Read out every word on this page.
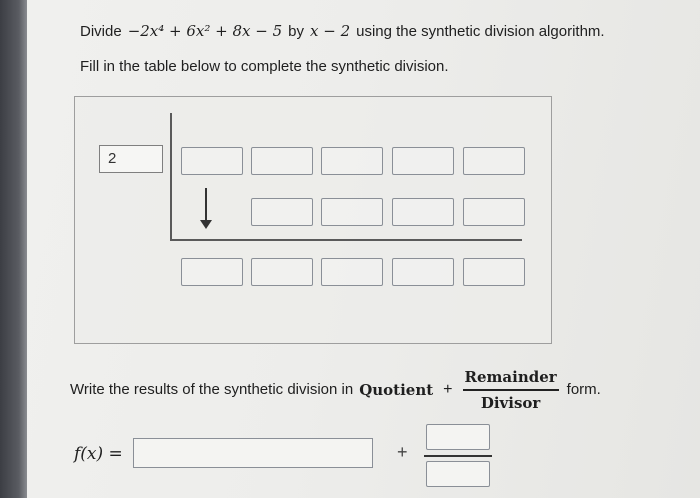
Divide −2x⁴ + 6x² + 8x − 5 by x − 2 using the synthetic division algorithm.
Fill in the table below to complete the synthetic division.
2
Write the results of the synthetic division in Quotient + $\frac{\text{Remainder}}{\text{Divisor}}$ form.
f(x) =	+
